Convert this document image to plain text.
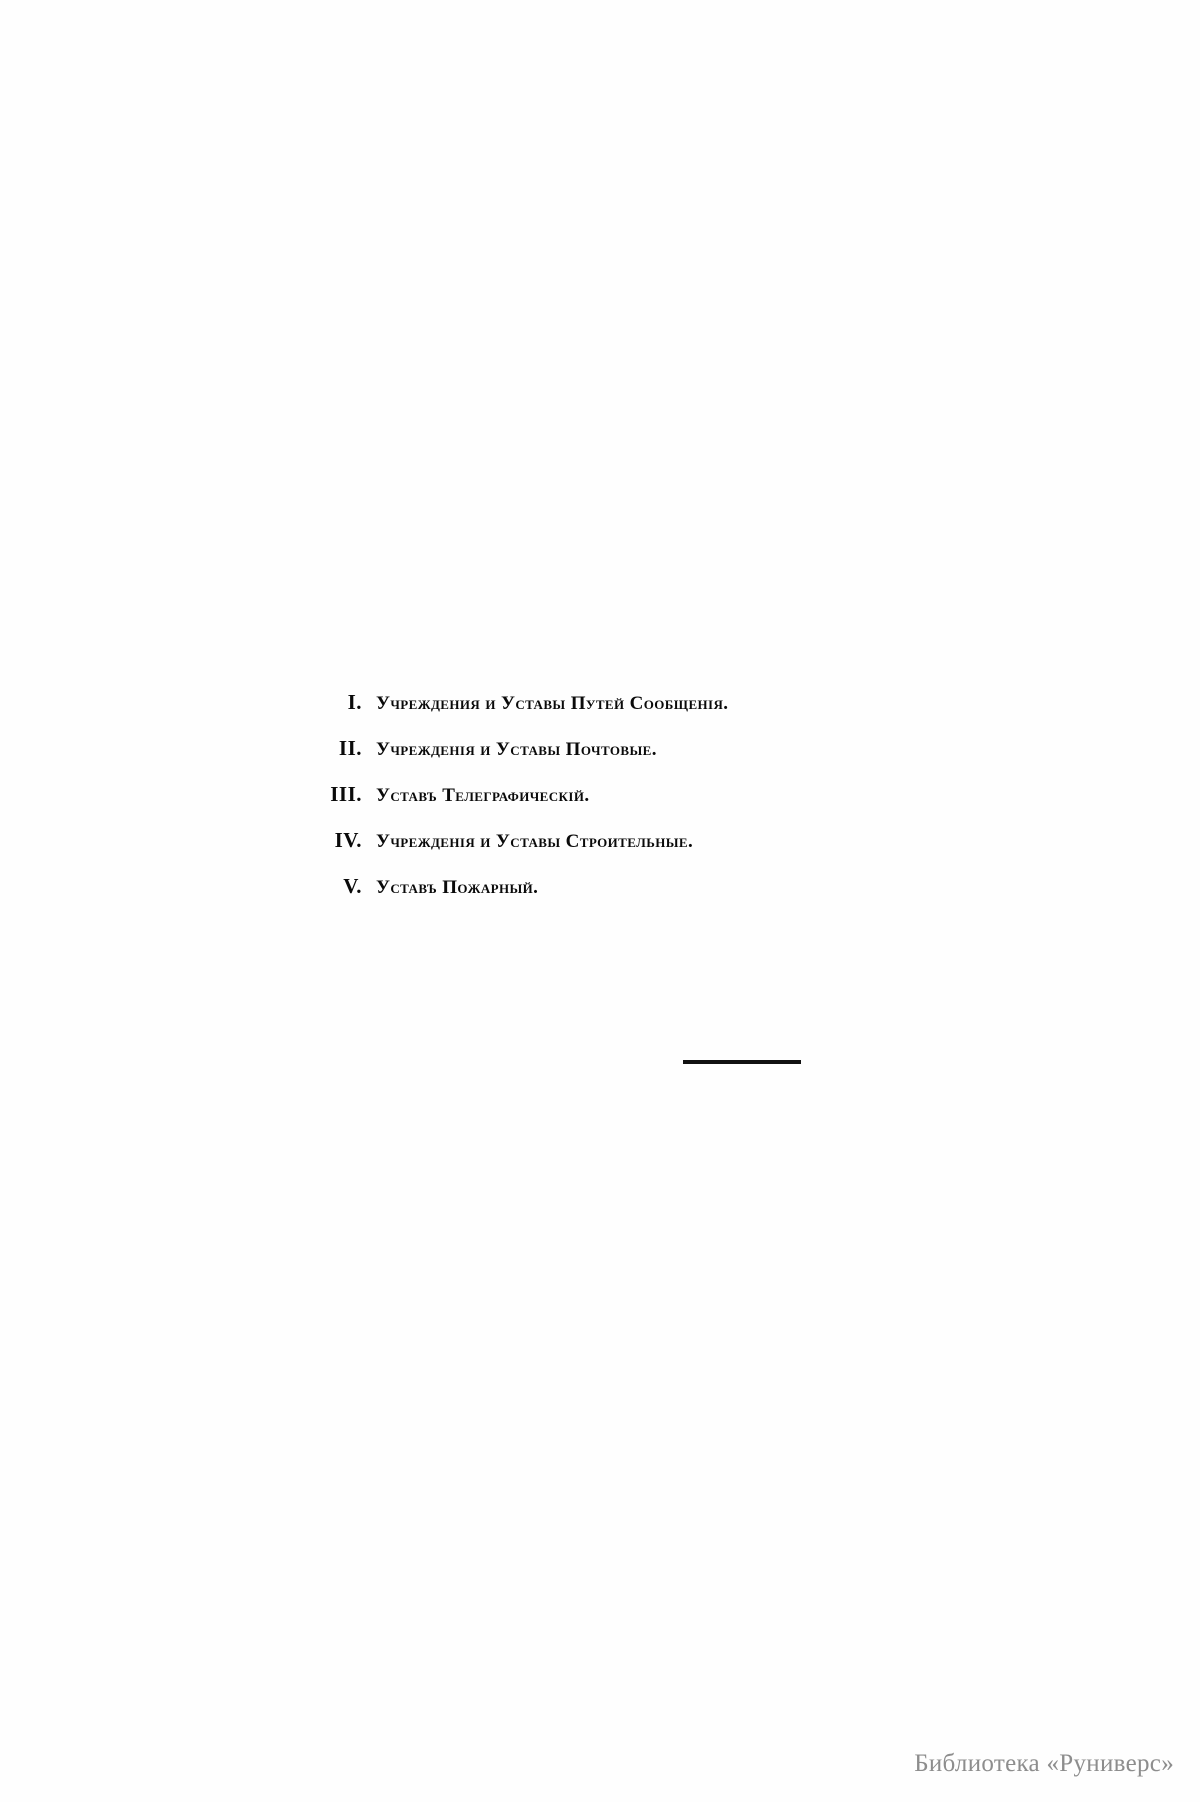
I. Учреждения и Уставы Путей Сообщенiя.
II. Учрежденiя и Уставы Почтовые.
III. Уставъ Телеграфическiй.
IV. Учрежденiя и Уставы Строительные.
V. Уставъ Пожарный.
Библиотека «Руниверс»
